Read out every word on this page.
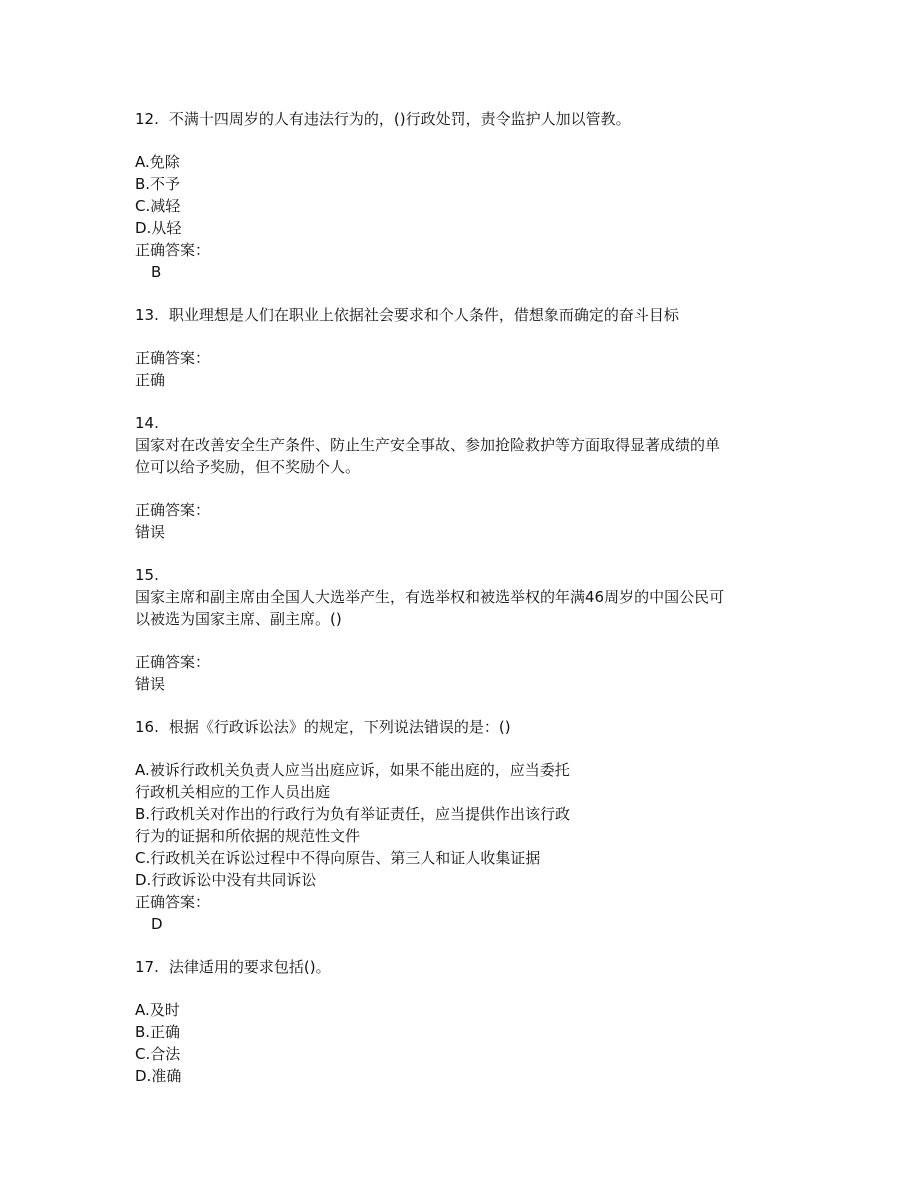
12. 不满十四周岁的人有违法行为的，()行政处罚，责令监护人加以管教。
A.免除
B.不予
C.减轻
D.从轻
正确答案：
B
13. 职业理想是人们在职业上依据社会要求和个人条件，借想象而确定的奋斗目标
正确答案：
正确
14.
国家对在改善安全生产条件、防止生产安全事故、参加抢险救护等方面取得显著成绩的单
位可以给予奖励，但不奖励个人。
正确答案：
错误
15.
国家主席和副主席由全国人大选举产生，有选举权和被选举权的年满46周岁的中国公民可
以被选为国家主席、副主席。()
正确答案：
错误
16. 根据《行政诉讼法》的规定，下列说法错误的是：()
A.被诉行政机关负责人应当出庭应诉，如果不能出庭的，应当委托
行政机关相应的工作人员出庭
B.行政机关对作出的行政行为负有举证责任，应当提供作出该行政
行为的证据和所依据的规范性文件
C.行政机关在诉讼过程中不得向原告、第三人和证人收集证据
D.行政诉讼中没有共同诉讼
正确答案：
D
17. 法律适用的要求包括()。
A.及时
B.正确
C.合法
D.准确
